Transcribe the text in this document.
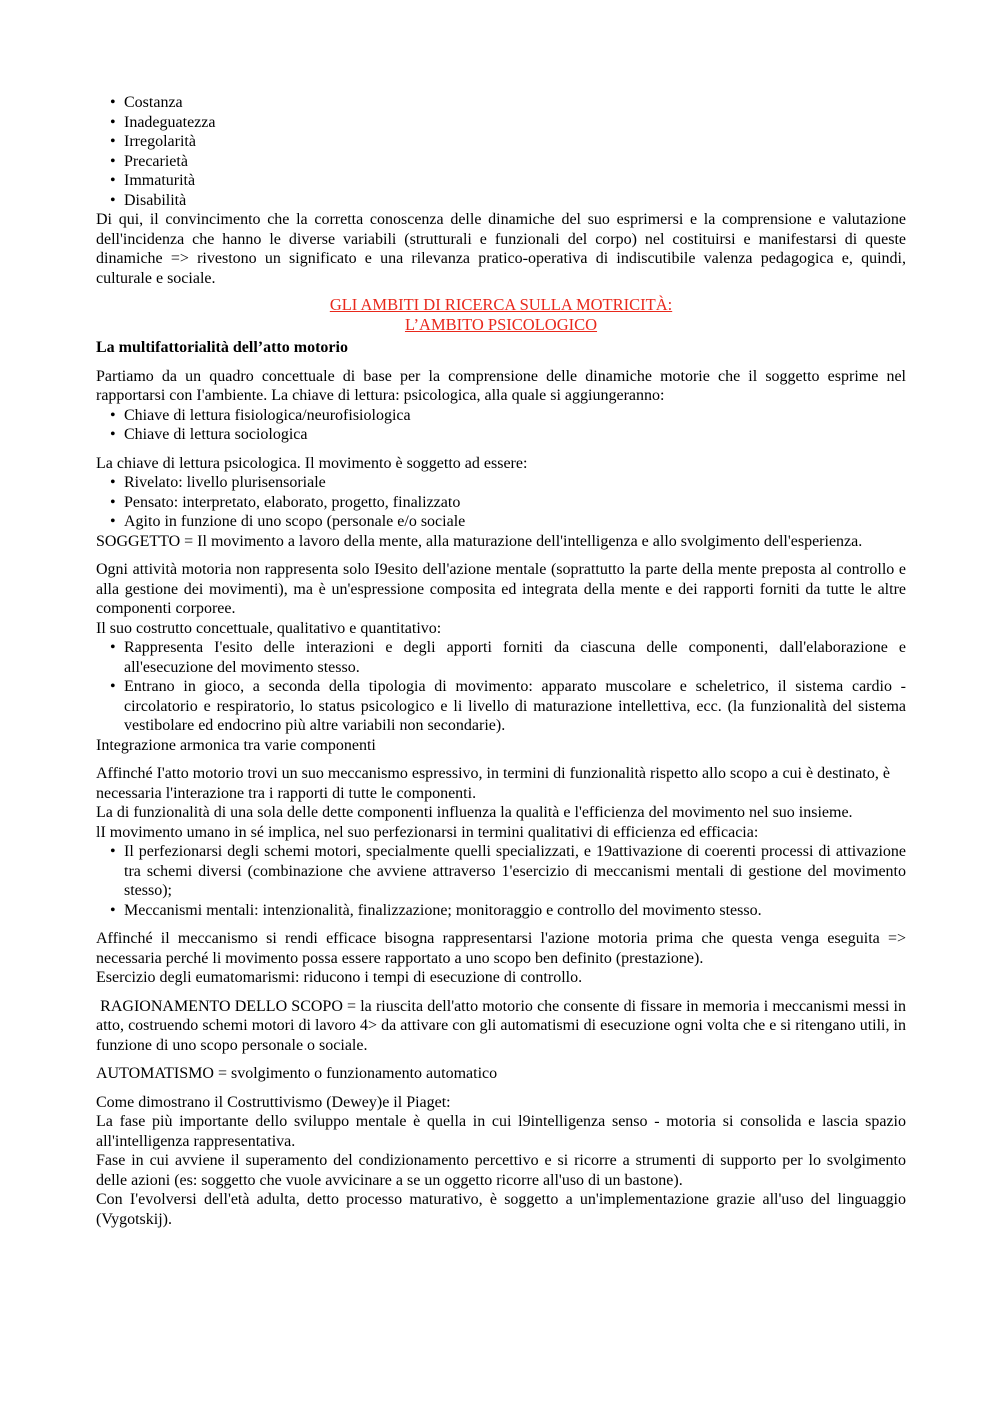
• Costanza
• Inadeguatezza
• Irregolarità
• Precarietà
• Immaturità
• Disabilità

Di qui, il convincimento che la corretta conoscenza delle dinamiche del suo esprimersi e la comprensione e valutazione dell'incidenza che hanno le diverse variabili (strutturali e funzionali del corpo) nel costituirsi e manifestarsi di queste dinamiche => rivestono un significato e una rilevanza pratico-operativa di indiscutibile valenza pedagogica e, quindi, culturale e sociale.

GLI AMBITI DI RICERCA SULLA MOTRICITÀ:
L’AMBITO PSICOLOGICO
La multifattorialità dell’atto motorio

Partiamo da un quadro concettuale di base per la comprensione delle dinamiche motorie che il soggetto esprime nel rapportarsi con I'ambiente. La chiave di lettura: psicologica, alla quale si aggiungeranno:

• Chiave di lettura fisiologica/neurofisiologica
• Chiave di lettura sociologica

La chiave di lettura psicologica. Il movimento è soggetto ad essere:

• Rivelato: livello plurisensoriale
• Pensato: interpretato, elaborato, progetto, finalizzato
• Agito in funzione di uno scopo (personale e/o sociale

SOGGETTO = Il movimento a lavoro della mente, alla maturazione dell'intelligenza e allo svolgimento dell'esperienza.

Ogni attività motoria non rappresenta solo I9esito dell'azione mentale (soprattutto la parte della mente preposta al controllo e alla gestione dei movimenti), ma è un'espressione composita ed integrata della mente e dei rapporti forniti da tutte le altre componenti corporee.

Il suo costrutto concettuale, qualitativo e quantitativo:

• Rappresenta I'esito delle interazioni e degli apporti forniti da ciascuna delle componenti, dall'elaborazione e all'esecuzione del movimento stesso.
• Entrano in gioco, a seconda della tipologia di movimento: apparato muscolare e scheletrico, il sistema cardio - circolatorio e respiratorio, lo status psicologico e li livello di maturazione intellettiva, ecc. (la funzionalità del sistema vestibolare ed endocrino più altre variabili non secondarie).

Integrazione armonica tra varie componenti

Affinché I'atto motorio trovi un suo meccanismo espressivo, in termini di funzionalità rispetto allo scopo a cui è destinato, è necessaria l'interazione tra i rapporti di tutte le componenti.

La di funzionalità di una sola delle dette componenti influenza la qualità e l'efficienza del movimento nel suo insieme.

lI movimento umano in sé implica, nel suo perfezionarsi in termini qualitativi di efficienza ed efficacia:

• Il perfezionarsi degli schemi motori, specialmente quelli specializzati, e 19attivazione di coerenti processi di attivazione tra schemi diversi (combinazione che avviene attraverso 1'esercizio di meccanismi mentali di gestione del movimento stesso);
• Meccanismi mentali: intenzionalità, finalizzazione; monitoraggio e controllo del movimento stesso.

Affinché il meccanismo si rendi efficace bisogna rappresentarsi l'azione motoria prima che questa venga eseguita => necessaria perché li movimento possa essere rapportato a uno scopo ben definito (prestazione).

Esercizio degli eumatomarismi: riducono i tempi di esecuzione di controllo.

RAGIONAMENTO DELLO SCOPO = la riuscita dell'atto motorio che consente di fissare in memoria i meccanismi messi in atto, costruendo schemi motori di lavoro 4> da attivare con gli automatismi di esecuzione ogni volta che e si ritengano utili, in funzione di uno scopo personale o sociale.

AUTOMATISMO = svolgimento o funzionamento automatico

Come dimostrano il Costruttivismo (Dewey)e il Piaget:

La fase più importante dello sviluppo mentale è quella in cui l9intelligenza senso - motoria si consolida e lascia spazio all'intelligenza rappresentativa.

Fase in cui avviene il superamento del condizionamento percettivo e si ricorre a strumenti di supporto per lo svolgimento delle azioni (es: soggetto che vuole avvicinare a se un oggetto ricorre all'uso di un bastone).

Con I'evolversi dell'età adulta, detto processo maturativo, è soggetto a un'implementazione grazie all'uso del linguaggio (Vygotskij).
